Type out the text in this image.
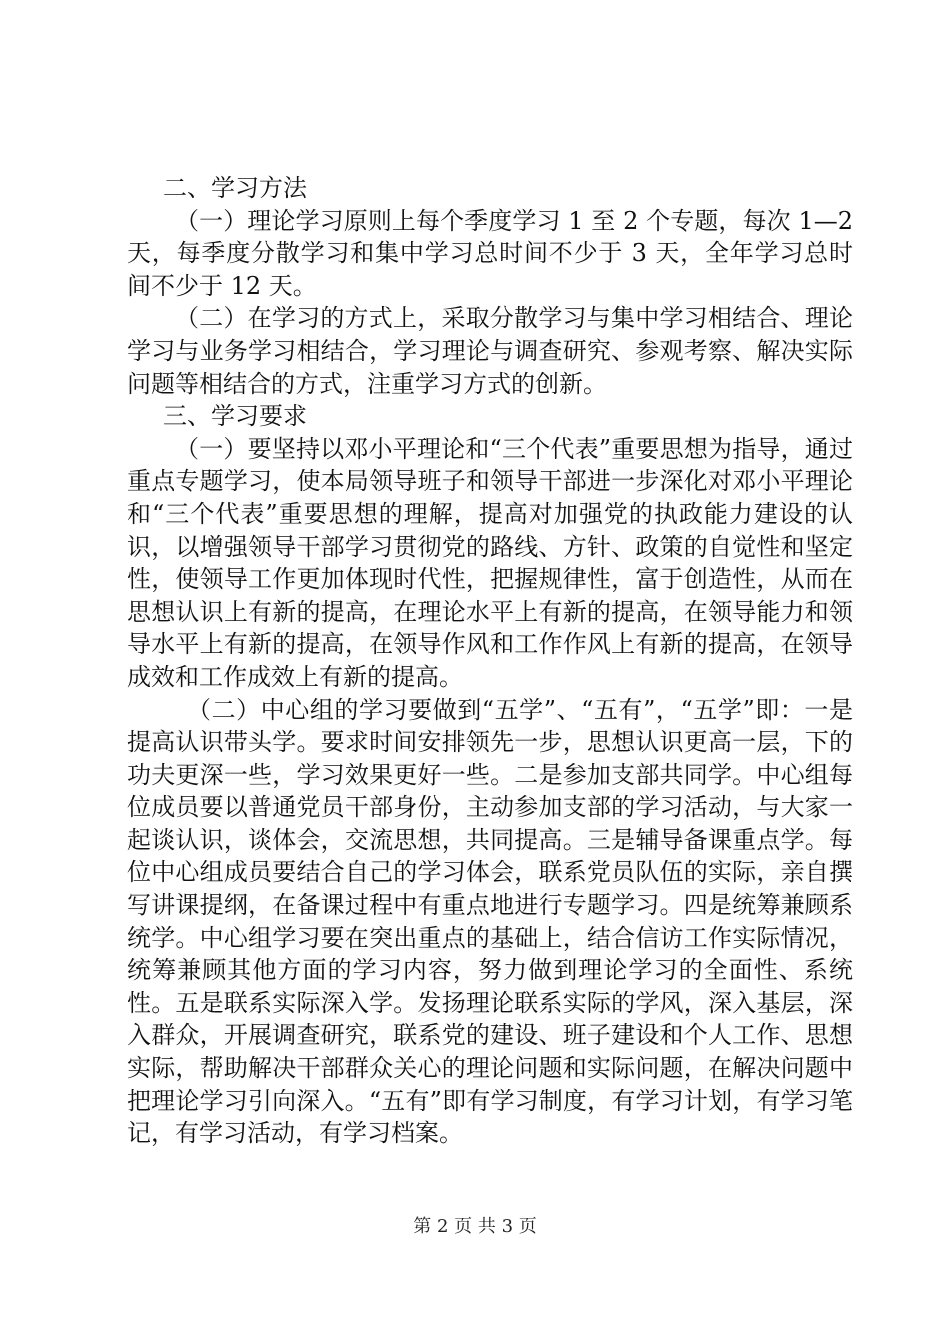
二、学习方法

（一）理论学习原则上每个季度学习 1 至 2 个专题，每次 1—2 天，每季度分散学习和集中学习总时间不少于 3 天，全年学习总时间不少于 12 天。

（二）在学习的方式上，采取分散学习与集中学习相结合、理论学习与业务学习相结合，学习理论与调查研究、参观考察、解决实际问题等相结合的方式，注重学习方式的创新。

三、学习要求

（一）要坚持以邓小平理论和“三个代表”重要思想为指导，通过重点专题学习，使本局领导班子和领导干部进一步深化对邓小平理论和“三个代表”重要思想的理解，提高对加强党的执政能力建设的认识，以增强领导干部学习贯彻党的路线、方针、政策的自觉性和坚定性，使领导工作更加体现时代性，把握规律性，富于创造性，从而在思想认识上有新的提高，在理论水平上有新的提高，在领导能力和领导水平上有新的提高，在领导作风和工作作风上有新的提高，在领导成效和工作成效上有新的提高。

（二）中心组的学习要做到“五学”、“五有”，“五学”即：一是提高认识带头学。要求时间安排领先一步，思想认识更高一层，下的功夫更深一些，学习效果更好一些。二是参加支部共同学。中心组每位成员要以普通党员干部身份，主动参加支部的学习活动，与大家一起谈认识，谈体会，交流思想，共同提高。三是辅导备课重点学。每位中心组成员要结合自己的学习体会，联系党员队伍的实际，亲自撰写讲课提纲，在备课过程中有重点地进行专题学习。四是统筹兼顾系统学。中心组学习要在突出重点的基础上，结合信访工作实际情况，统筹兼顾其他方面的学习内容，努力做到理论学习的全面性、系统性。五是联系实际深入学。发扬理论联系实际的学风，深入基层，深入群众，开展调查研究，联系党的建设、班子建设和个人工作、思想实际，帮助解决干部群众关心的理论问题和实际问题，在解决问题中把理论学习引向深入。“五有”即有学习制度，有学习计划，有学习笔记，有学习活动，有学习档案。

第 2 页 共 3 页
